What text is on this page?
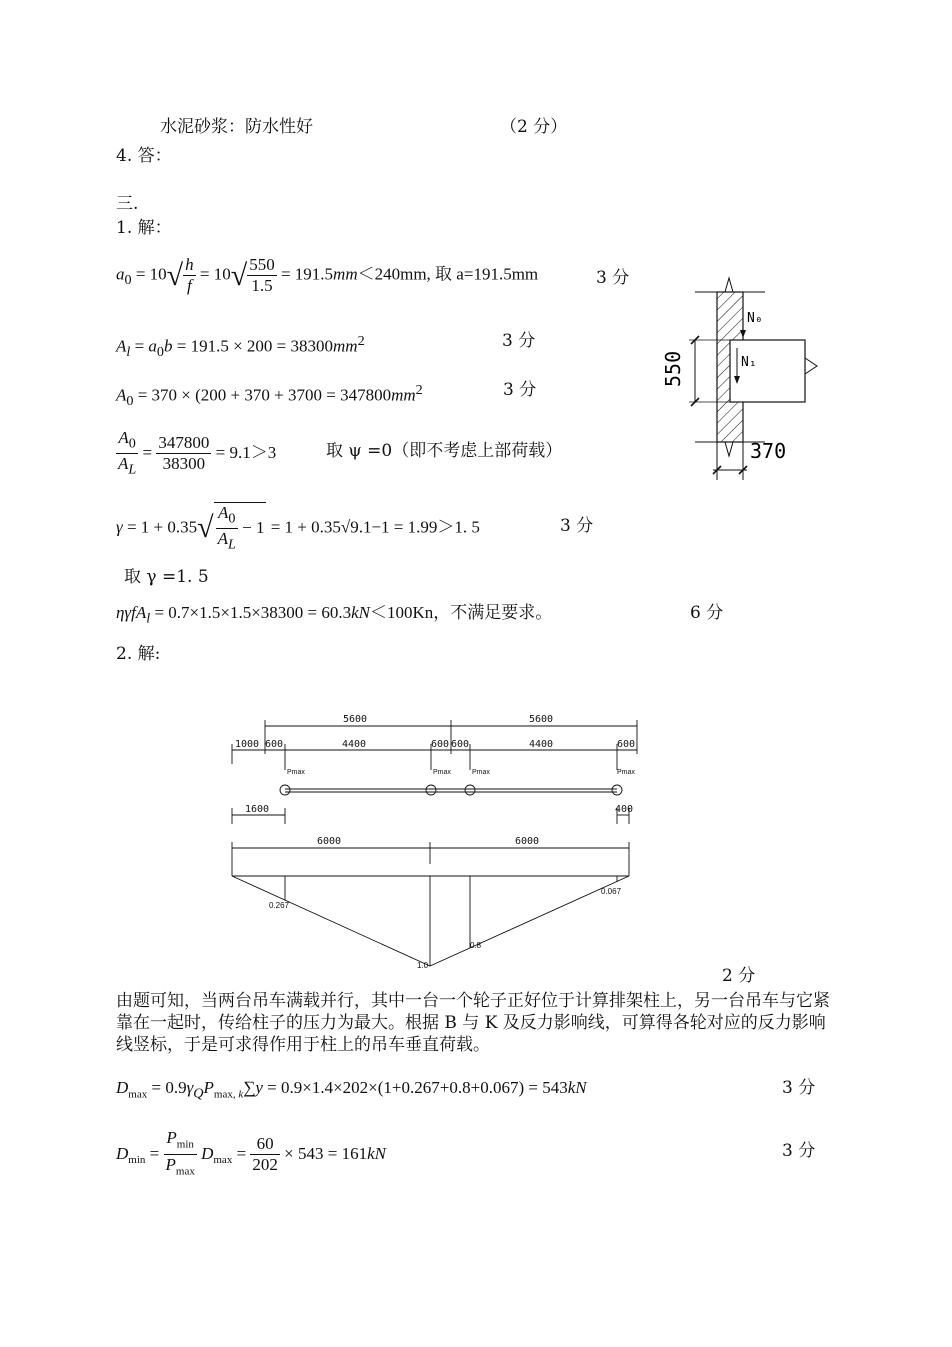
水泥砂浆：防水性好	（2 分）
4. 答：
三.
1. 解：
$a_0 = 10√ \frac{h}{f} = 10√ \frac{550}{1.5} = 191.5mm<240mm$, 取 a=191.5mm	3 分
$A_l = a_0b = 191.5 \times 200 = 38300mm^2$	3 分
$A_0 = 370 \times (200 + 370 + 3700 = 347800mm^2$	3 分
$\frac{A_0}{A_L} = \frac{347800}{38300} = 9.1>3$	取 ψ =0（即不考虑上部荷载）
$\gamma = 1 + 0.35√ \frac{A_0}{A_L} - 1 = 1 + 0.35√9.1-1 = 1.99>1$. 5	3 分
取 γ =1. 5
ηγfA$_l$ = 0.7×1.5×1.5×38300 = 60.3kN＜100Kn，不满足要求。	6 分
2. 解:
N₀
N₁
550
370
5600	5600
1000 600	4400	600 600	4400	600
1600	400
6000	6000
Pmax	Pmax	Pmax	Pmax
0.267
1.0
0.8
0.067
2 分
由题可知，当两台吊车满载并行，其中一台一个轮子正好位于计算排架柱上，另一台吊车与它紧靠在一起时，传给柱子的压力为最大。根据 B 与 K 及反力影响线，可算得各轮对应的反力影响线竖标，于是可求得作用于柱上的吊车垂直荷载。
$D_{max} = 0.9\gamma_QP_{max, k}\sum y = 0.9\times 1.4\times 202\times(1+0.267+0.8+0.067) = 543kN$	3 分
$D_{min} = \frac{P_{min}}{P_{max}} D_{max} = \frac{60}{202} \times 543 = 161kN$	3 分
